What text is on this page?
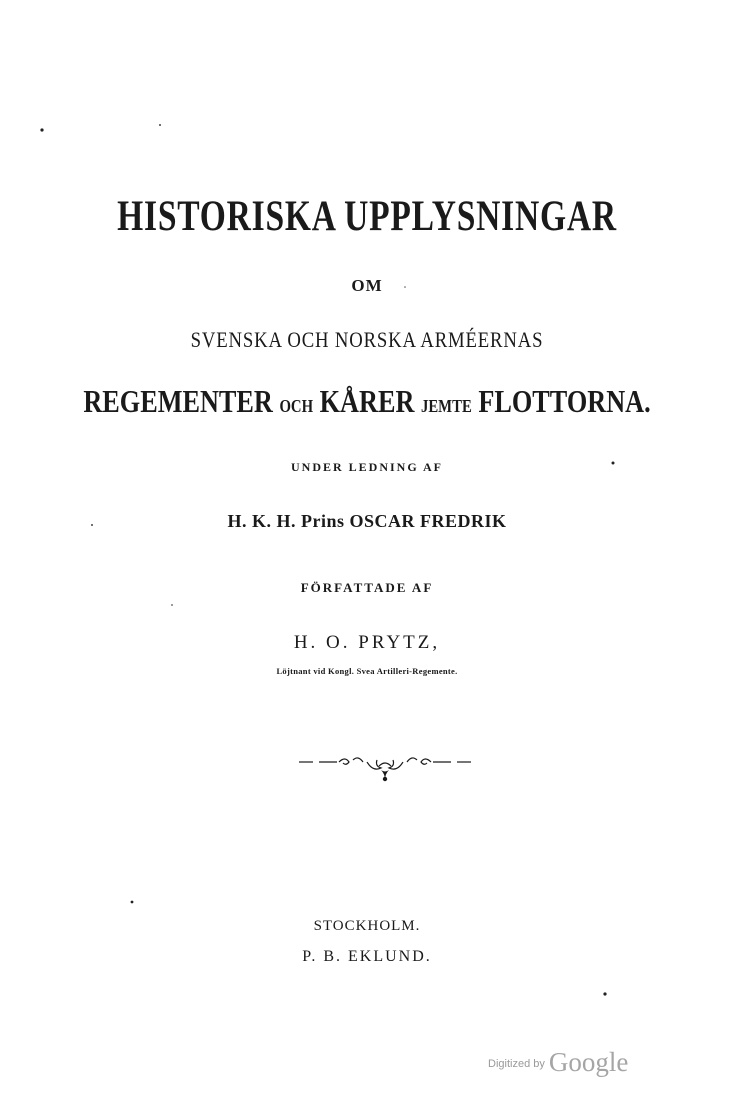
HISTORISKA UPPLYSNINGAR
OM
SVENSKA OCH NORSKA ARMÉERNAS
REGEMENTER OCH KÅRER JEMTE FLOTTORNA.
UNDER LEDNING AF
H. K. H. Prins OSCAR FREDRIK
FÖRFATTADE AF
H. O. PRYTZ,
Löjtnant vid Kongl. Svea Artilleri-Regemente.
STOCKHOLM.
P. B. EKLUND.
$^{Digitized by}$ Google
